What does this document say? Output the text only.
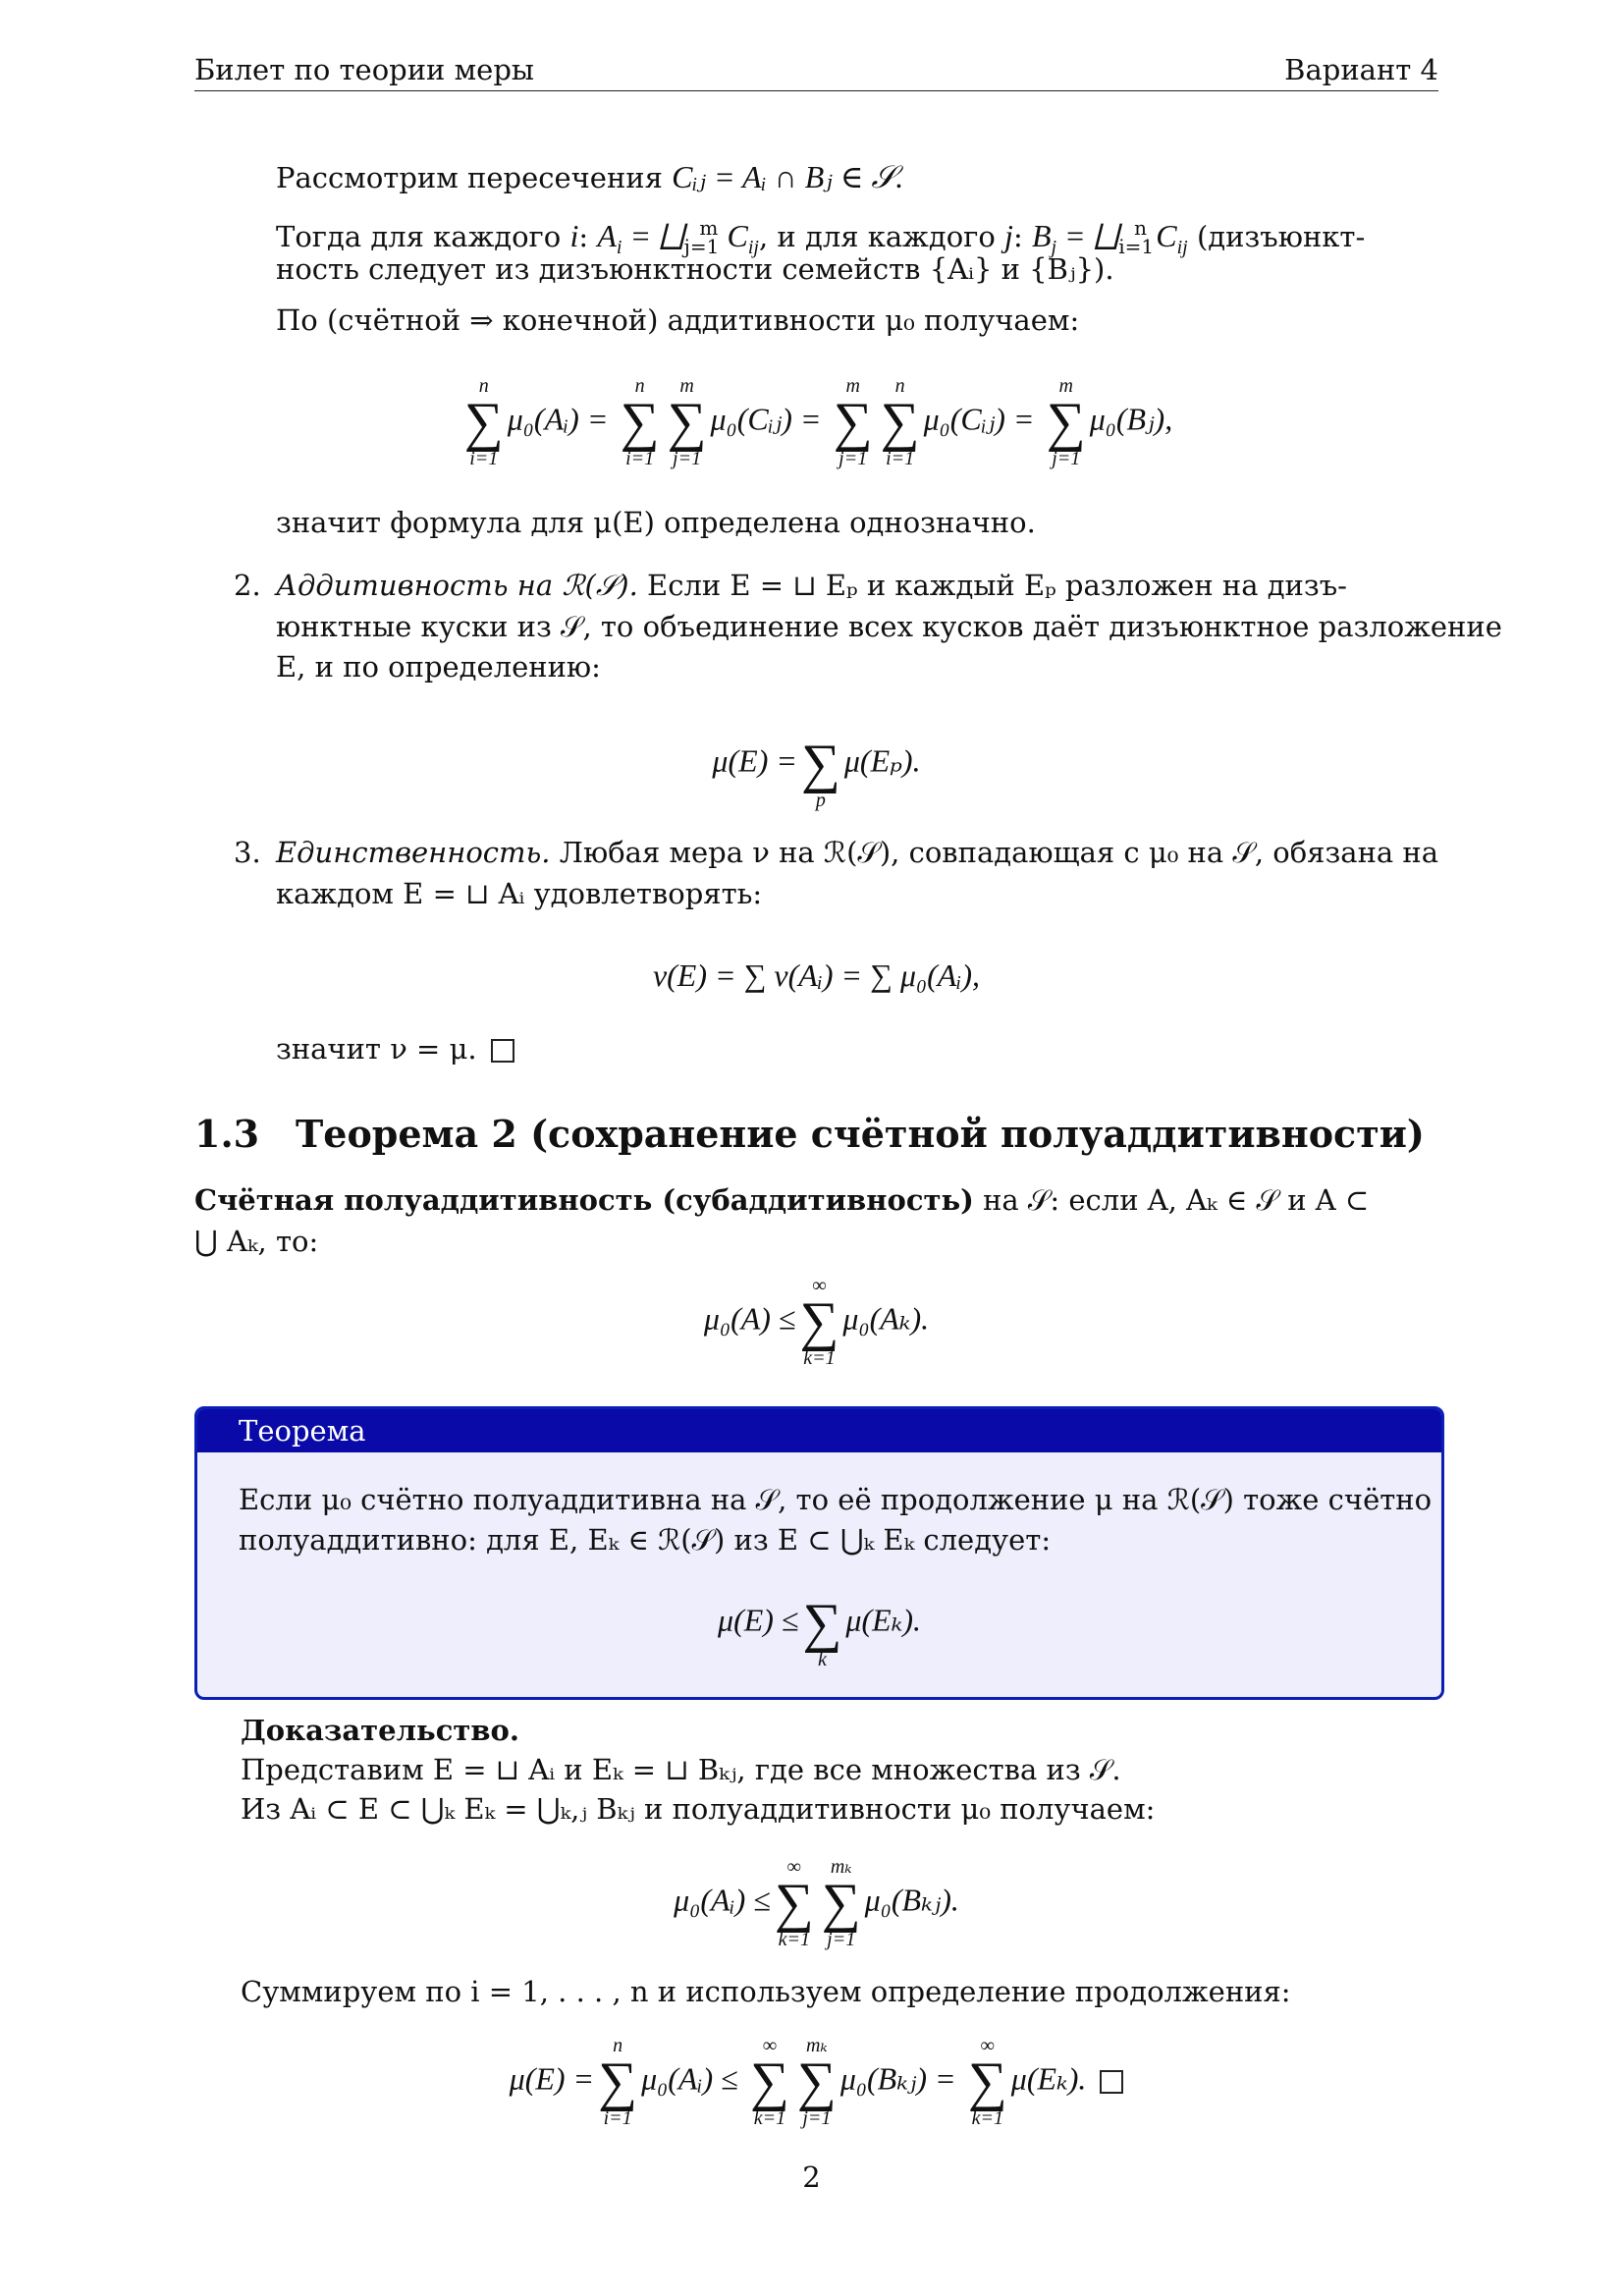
Билет по теории меры	Вариант 4
Рассмотрим пересечения Cᵢⱼ = Aᵢ ∩ Bⱼ ∈ 𝒮.
Тогда для каждого i: $A_i$ = $⨆_{j=1}^m$ $C_{ij}$, и для каждого j: $B_j$ = $⨆_{i=1}^n$ $C_{ij}$ (дизъюнкт-
ность следует из дизъюнктности семейств {Aᵢ} и {Bⱼ}).
По (счётной ⇒ конечной) аддитивности μ₀ получаем:
n
∑
i=1
μ₀(Aᵢ) =
n
∑
i=1
m
∑
j=1
μ₀(Cᵢⱼ) =
m
∑
j=1
n
∑
i=1
μ₀(Cᵢⱼ) =
m
∑
j=1
μ₀(Bⱼ),
значит формула для μ(E) определена однозначно.
2. Аддитивность на ℛ(𝒮). Если E = ⊔ Eₚ и каждый Eₚ разложен на дизъ-
юнктные куски из 𝒮, то объединение всех кусков даёт дизъюнктное разложение
E, и по определению:
μ(E) = ∑
p
μ(Eₚ).
3. Единственность. Любая мера ν на ℛ(𝒮), совпадающая с μ₀ на 𝒮, обязана на
каждом E = ⊔ Aᵢ удовлетворять:
ν(E) = ∑ ν(Aᵢ) = ∑ μ₀(Aᵢ),
значит ν = μ.
1.3 Теорема 2 (сохранение счётной полуаддитивности)
Счётная полуаддитивность (субаддитивность) на 𝒮: если A, Aₖ ∈ 𝒮 и A ⊂
⋃ Aₖ, то:
μ₀(A) ≤
∞
∑
k=1
μ₀(Aₖ).
Теорема
Если μ₀ счётно полуаддитивна на 𝒮, то её продолжение μ на ℛ(𝒮) тоже счётно
полуаддитивно: для E, Eₖ ∈ ℛ(𝒮) из E ⊂ ⋃ₖ Eₖ следует:
μ(E) ≤ ∑
k
μ(Eₖ).
Доказательство.
Представим E = ⊔ Aᵢ и Eₖ = ⊔ Bₖⱼ, где все множества из 𝒮.
Из Aᵢ ⊂ E ⊂ ⋃ₖ Eₖ = ⋃ₖ,ⱼ Bₖⱼ и полуаддитивности μ₀ получаем:
μ₀(Aᵢ) ≤
∞
∑
k=1
mₖ
∑
j=1
μ₀(Bₖⱼ).
Суммируем по i = 1, . . . , n и используем определение продолжения:
μ(E) =
n
∑
i=1
μ₀(Aᵢ) ≤
∞
∑
k=1
mₖ
∑
j=1
μ₀(Bₖⱼ) =
∞
∑
k=1
μ(Eₖ).
2
